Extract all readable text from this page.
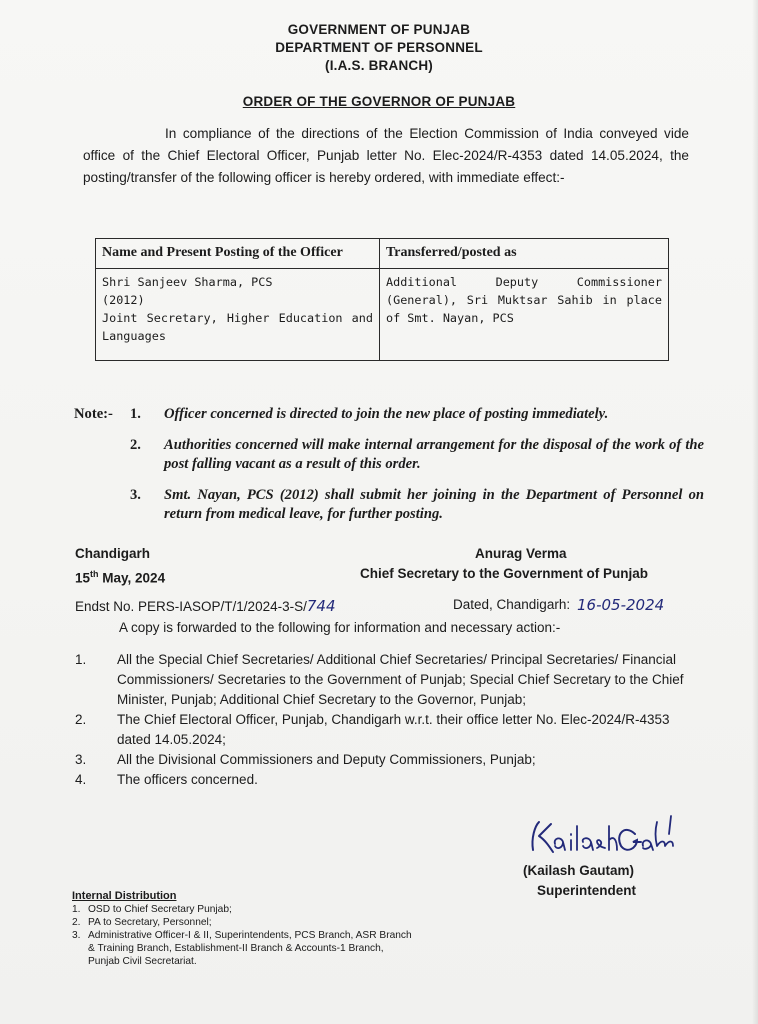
GOVERNMENT OF PUNJAB
DEPARTMENT OF PERSONNEL
(I.A.S. BRANCH)
ORDER OF THE GOVERNOR OF PUNJAB

In compliance of the directions of the Election Commission of India conveyed vide office of the Chief Electoral Officer, Punjab letter No. Elec-2024/R-4353 dated 14.05.2024, the posting/transfer of the following officer is hereby ordered, with immediate effect:-

Name and Present Posting of the Officer	Transferred/posted as

Shri Sanjeev Sharma, PCS
(2012)
Joint Secretary, Higher Education and Languages	Additional Deputy Commissioner (General), Sri Muktsar Sahib in place of Smt. Nayan, PCS
Note:- 1. Officer concerned is directed to join the new place of posting immediately.
2. Authorities concerned will make internal arrangement for the disposal of the work of the post falling vacant as a result of this order.
3. Smt. Nayan, PCS (2012) shall submit her joining in the Department of Personnel on return from medical leave, for further posting.
Chandigarh
15th May, 2024
Anurag Verma
Chief Secretary to the Government of Punjab
Endst No. PERS-IASOP/T/1/2024-3-S/744	Dated, Chandigarh: 16-05-2024
A copy is forwarded to the following for information and necessary action:-
1. All the Special Chief Secretaries/ Additional Chief Secretaries/ Principal Secretaries/ Financial Commissioners/ Secretaries to the Government of Punjab; Special Chief Secretary to the Chief Minister, Punjab; Additional Chief Secretary to the Governor, Punjab;
2. The Chief Electoral Officer, Punjab, Chandigarh w.r.t. their office letter No. Elec-2024/R-4353 dated 14.05.2024;
3. All the Divisional Commissioners and Deputy Commissioners, Punjab;
4. The officers concerned.
(Kailash Gautam)
Superintendent
Internal Distribution
1. OSD to Chief Secretary Punjab;
2. PA to Secretary, Personnel;
3. Administrative Officer-I & II, Superintendents, PCS Branch, ASR Branch & Training Branch, Establishment-II Branch & Accounts-1 Branch, Punjab Civil Secretariat.
